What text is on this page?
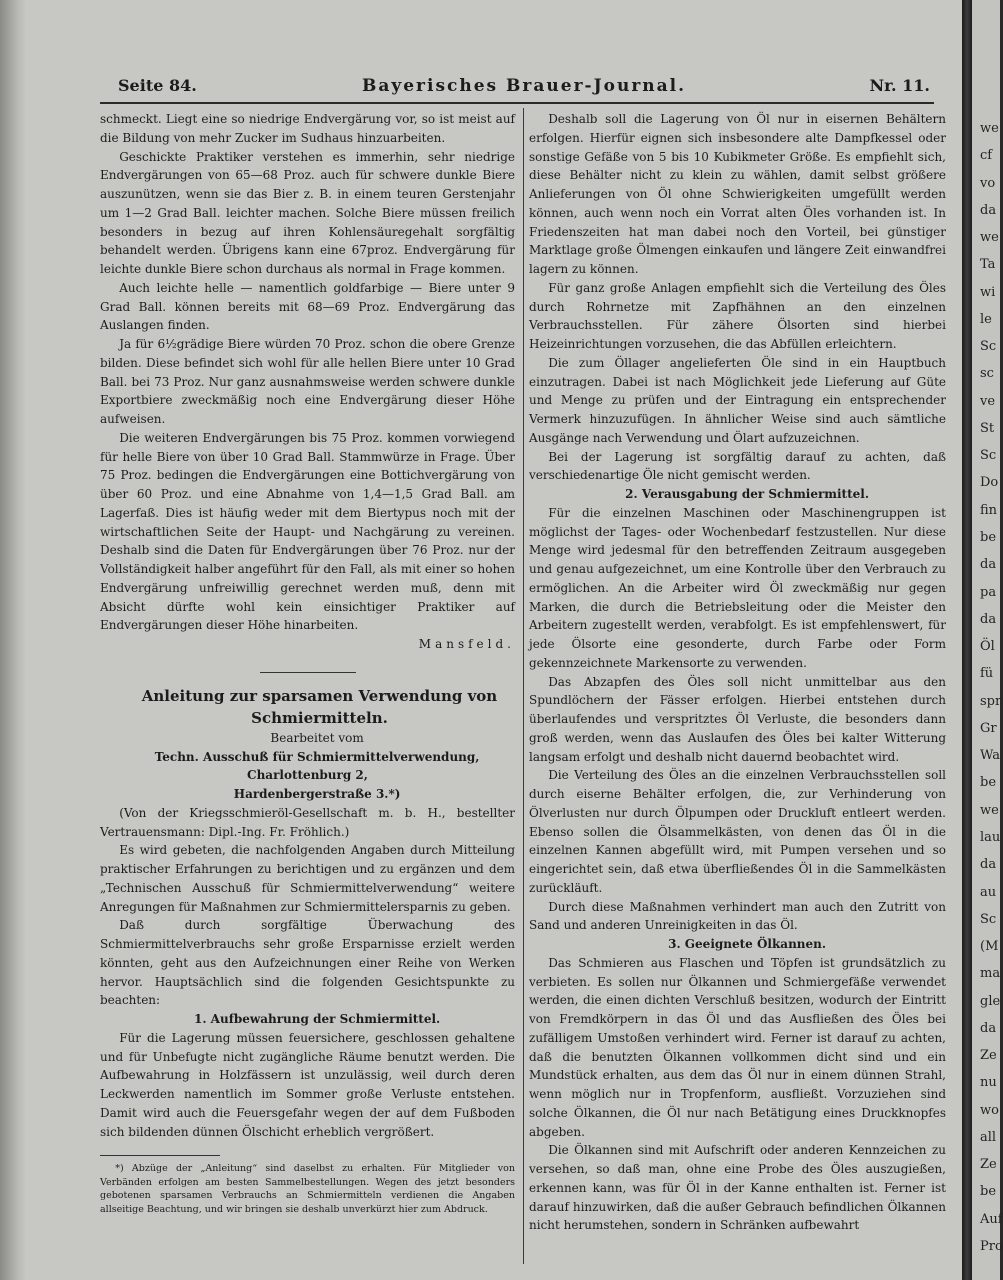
Seite 84.	Bayerisches Brauer-Journal.	Nr. 11.

schmeckt. Liegt eine so niedrige Endvergärung vor, so ist meist auf die Bildung von mehr Zucker im Sudhaus hinzuarbeiten.

Geschickte Praktiker verstehen es immerhin, sehr niedrige Endvergärungen von 65—68 Proz. auch für schwere dunkle Biere auszunützen, wenn sie das Bier z. B. in einem teuren Gerstenjahr um 1—2 Grad Ball. leichter machen. Solche Biere müssen freilich besonders in bezug auf ihren Kohlensäuregehalt sorgfältig behandelt werden. Übrigens kann eine 67proz. Endvergärung für leichte dunkle Biere schon durchaus als normal in Frage kommen.

Auch leichte helle — namentlich goldfarbige — Biere unter 9 Grad Ball. können bereits mit 68—69 Proz. Endvergärung das Auslangen finden.

Ja für 6½grädige Biere würden 70 Proz. schon die obere Grenze bilden. Diese befindet sich wohl für alle hellen Biere unter 10 Grad Ball. bei 73 Proz. Nur ganz ausnahmsweise werden schwere dunkle Exportbiere zweckmäßig noch eine Endvergärung dieser Höhe aufweisen.

Die weiteren Endvergärungen bis 75 Proz. kommen vorwiegend für helle Biere von über 10 Grad Ball. Stammwürze in Frage. Über 75 Proz. bedingen die Endvergärungen eine Bottichvergärung von über 60 Proz. und eine Abnahme von 1,4—1,5 Grad Ball. am Lagerfaß. Dies ist häufig weder mit dem Biertypus noch mit der wirtschaftlichen Seite der Haupt- und Nachgärung zu vereinen. Deshalb sind die Daten für Endvergärungen über 76 Proz. nur der Vollständigkeit halber angeführt für den Fall, als mit einer so hohen Endvergärung unfreiwillig gerechnet werden muß, denn mit Absicht dürfte wohl kein einsichtiger Praktiker auf Endvergärungen dieser Höhe hinarbeiten.

Mansfeld.

Anleitung zur sparsamen Verwendung von

Schmiermitteln.

Bearbeitet vom

Techn. Ausschuß für Schmiermittelverwendung, Charlottenburg 2,

Hardenbergerstraße 3.*)

(Von der Kriegsschmieröl-Gesellschaft m. b. H., bestellter Vertrauensmann: Dipl.-Ing. Fr. Fröhlich.)

Es wird gebeten, die nachfolgenden Angaben durch Mitteilung praktischer Erfahrungen zu berichtigen und zu ergänzen und dem „Technischen Ausschuß für Schmiermittelverwendung“ weitere Anregungen für Maßnahmen zur Schmiermittelersparnis zu geben.

Daß durch sorgfältige Überwachung des Schmiermittelverbrauchs sehr große Ersparnisse erzielt werden könnten, geht aus den Aufzeichnungen einer Reihe von Werken hervor. Hauptsächlich sind die folgenden Gesichtspunkte zu beachten:

1. Aufbewahrung der Schmiermittel.

Für die Lagerung müssen feuersichere, geschlossen gehaltene und für Unbefugte nicht zugängliche Räume benutzt werden. Die Aufbewahrung in Holzfässern ist unzulässig, weil durch deren Leckwerden namentlich im Sommer große Verluste entstehen. Damit wird auch die Feuersgefahr wegen der auf dem Fußboden sich bildenden dünnen Ölschicht erheblich vergrößert.

*) Abzüge der „Anleitung“ sind daselbst zu erhalten. Für Mitglieder von Verbänden erfolgen am besten Sammelbestellungen. Wegen des jetzt besonders gebotenen sparsamen Verbrauchs an Schmiermitteln verdienen die Angaben allseitige Beachtung, und wir bringen sie deshalb unverkürzt hier zum Abdruck.

Deshalb soll die Lagerung von Öl nur in eisernen Behältern erfolgen. Hierfür eignen sich insbesondere alte Dampfkessel oder sonstige Gefäße von 5 bis 10 Kubikmeter Größe. Es empfiehlt sich, diese Behälter nicht zu klein zu wählen, damit selbst größere Anlieferungen von Öl ohne Schwierigkeiten umgefüllt werden können, auch wenn noch ein Vorrat alten Öles vorhanden ist. In Friedenszeiten hat man dabei noch den Vorteil, bei günstiger Marktlage große Ölmengen einkaufen und längere Zeit einwandfrei lagern zu können.

Für ganz große Anlagen empfiehlt sich die Verteilung des Öles durch Rohrnetze mit Zapfhähnen an den einzelnen Verbrauchsstellen. Für zähere Ölsorten sind hierbei Heizeinrichtungen vorzusehen, die das Abfüllen erleichtern.

Die zum Öllager angelieferten Öle sind in ein Hauptbuch einzutragen. Dabei ist nach Möglichkeit jede Lieferung auf Güte und Menge zu prüfen und der Eintragung ein entsprechender Vermerk hinzuzufügen. In ähnlicher Weise sind auch sämtliche Ausgänge nach Verwendung und Ölart aufzuzeichnen.

Bei der Lagerung ist sorgfältig darauf zu achten, daß verschiedenartige Öle nicht gemischt werden.

2. Verausgabung der Schmiermittel.

Für die einzelnen Maschinen oder Maschinengruppen ist möglichst der Tages- oder Wochenbedarf festzustellen. Nur diese Menge wird jedesmal für den betreffenden Zeitraum ausgegeben und genau aufgezeichnet, um eine Kontrolle über den Verbrauch zu ermöglichen. An die Arbeiter wird Öl zweckmäßig nur gegen Marken, die durch die Betriebsleitung oder die Meister den Arbeitern zugestellt werden, verabfolgt. Es ist empfehlenswert, für jede Ölsorte eine gesonderte, durch Farbe oder Form gekennzeichnete Markensorte zu verwenden.

Das Abzapfen des Öles soll nicht unmittelbar aus den Spundlöchern der Fässer erfolgen. Hierbei entstehen durch überlaufendes und verspritztes Öl Verluste, die besonders dann groß werden, wenn das Auslaufen des Öles bei kalter Witterung langsam erfolgt und deshalb nicht dauernd beobachtet wird.

Die Verteilung des Öles an die einzelnen Verbrauchsstellen soll durch eiserne Behälter erfolgen, die, zur Verhinderung von Ölverlusten nur durch Ölpumpen oder Druckluft entleert werden. Ebenso sollen die Ölsammelkästen, von denen das Öl in die einzelnen Kannen abgefüllt wird, mit Pumpen versehen und so eingerichtet sein, daß etwa überfließendes Öl in die Sammelkästen zurückläuft.

Durch diese Maßnahmen verhindert man auch den Zutritt von Sand und anderen Unreinigkeiten in das Öl.

3. Geeignete Ölkannen.

Das Schmieren aus Flaschen und Töpfen ist grundsätzlich zu verbieten. Es sollen nur Ölkannen und Schmiergefäße verwendet werden, die einen dichten Verschluß besitzen, wodurch der Eintritt von Fremdkörpern in das Öl und das Ausfließen des Öles bei zufälligem Umstoßen verhindert wird. Ferner ist darauf zu achten, daß die benutzten Ölkannen vollkommen dicht sind und ein Mundstück erhalten, aus dem das Öl nur in einem dünnen Strahl, wenn möglich nur in Tropfenform, ausfließt. Vorzuziehen sind solche Ölkannen, die Öl nur nach Betätigung eines Druckknopfes abgeben.

Die Ölkannen sind mit Aufschrift oder anderen Kennzeichen zu versehen, so daß man, ohne eine Probe des Öles auszugießen, erkennen kann, was für Öl in der Kanne enthalten ist. Ferner ist darauf hinzuwirken, daß die außer Gebrauch befindlichen Ölkannen nicht herumstehen, sondern in Schränken aufbewahrt

we
cf
vo
da
we
Ta
wi
le
Sc
sc
ve
St
Sc
Do
fin
be
da
pa
da
Öl
fü
spr
Gr
Wa
be
we
lau
da
au
Sc
(M
ma
gle
da
Ze
nu
wo
all
Ze
be
Auf
Pro
